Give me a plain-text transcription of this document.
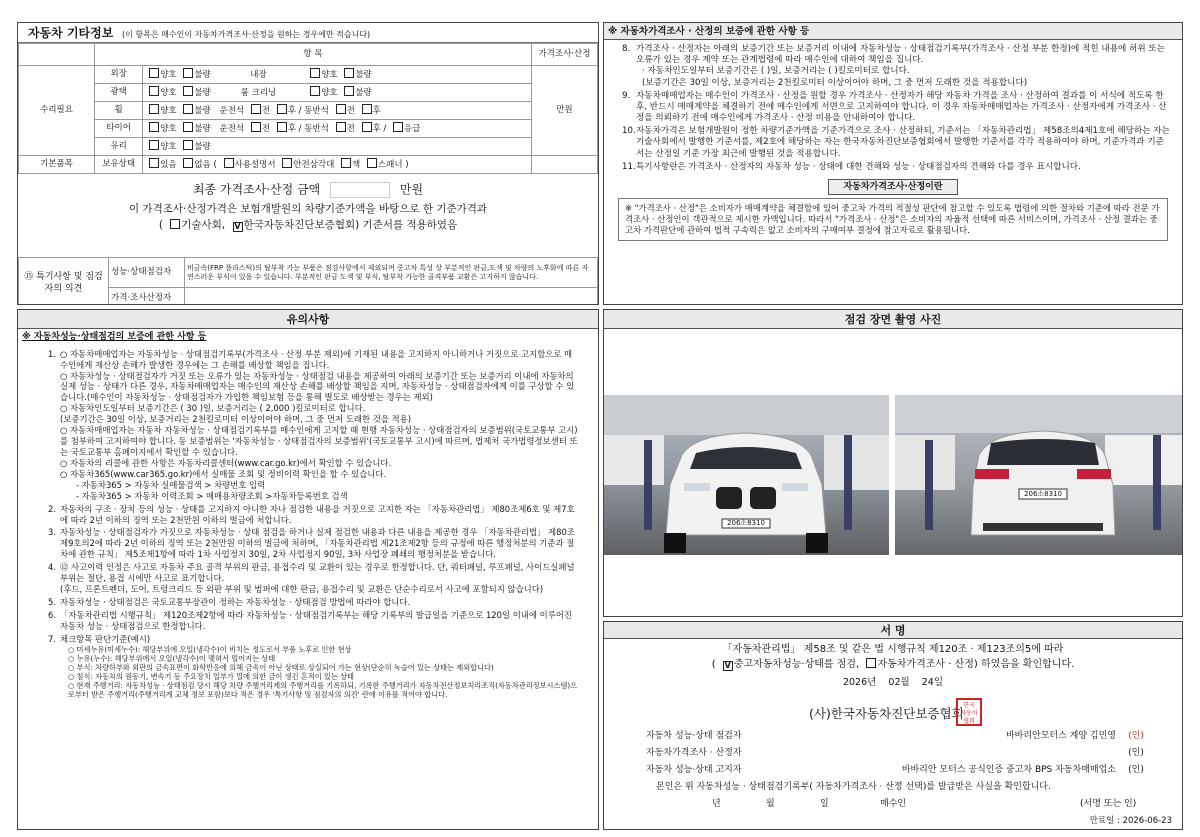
자동차 기타정보 (이 항목은 매수인이 자동차가격조사·산정을 원하는 경우에만 적습니다)
	항 목		가격조사·산정
수리필요	외장	양호 불량 내장 양호 불량	만원
	광택	양호 불량 룸 크리닝 양호 불량	
	휠	양호 불량 운전석 전 후 / 동반석 전 후	
	타이어	양호 불량 운전석 전 후 / 동반석 전 후 / 응급	
	유리	양호 불량	
기본품목	보유상태	있음 없음 ( 사용설명서 안전삼각대 잭 스패너 )	
최종 가격조사·산정 금액	만원
이 가격조사·산정가격은 보험개발원의 차량기준가액을 바탕으로 한 기준가격과
( 기술사회, V 한국자동차진단보증협회) 기준서를 적용하였음
⑮ 특기사항 및 점검자의 의견	성능·상태점검자	비금속(FRP 플라스틱)의 탈부착 가능 부품은 점검사항에서 제외되며 중고차 특성 상 부분적인 판금,도색 및 차량의 노후화에 따른 자연스러운 부식이 있을 수 있습니다. 부분적인 판금 도색 및 부식, 탈부착 가능한 골격부품 교환은 고지하지 않습니다.
	가격·조사산정자	
※ 자동차가격조사 · 산정의 보증에 관한 사항 등
8. 가격조사 · 산정자는 아래의 보증기간 또는 보증거리 이내에 자동차성능 · 상태점검기록부(가격조사 · 산정 부분 한정)에 적힌 내용에 허위 또는 오류가 있는 경우 계약 또는 관계법령에 따라 매수인에 대하여 책임을 집니다.
· 자동차인도일부터 보증기간은 ( )일, 보증거리는 ( )킬로미터로 합니다.
(보증기간은 30일 이상, 보증거리는 2천킬로미터 이상이어야 하며, 그 중 먼저 도래한 것을 적용합니다)
9. 자동차매매업자는 매수인이 가격조사 · 산정을 원할 경우 가격조사 · 산정자가 해당 자동차 가격을 조사 · 산정하여 결과를 이 서식에 적도록 한 후, 반드시 매매계약을 체결하기 전에 매수인에게 서면으로 고지하여야 합니다. 이 경우 자동차매매업자는 가격조사 · 산정자에게 가격조사 · 산정을 의뢰하기 전에 매수인에게 가격조사 · 산정 비용을 안내하여야 합니다.
10. 자동차가격은 보험개발원이 정한 차량기준가액을 기준가격으로 조사 · 산정하되, 기준서는 「자동차관리법」 제58조의4제1호에 해당하는 자는 기술사회에서 발행한 기준서를, 제2호에 해당하는 자는 한국자동차진단보증협회에서 발행한 기준서를 각각 적용하여야 하며, 기준가격과 기준서는 산정일 기준 가장 최근에 발행된 것을 적용합니다.
11. 특기사항란은 가격조사 · 산정자의 자동차 성능 · 상태에 대한 견해와 성능 · 상태점검자의 견해와 다를 경우 표시합니다.
자동차가격조사·산정이란
※ "가격조사 · 산정"은 소비자가 매매계약을 체결함에 있어 중고차 가격의 적절성 판단에 참고할 수 있도록 법령에 의한 절차와 기준에 따라 전문 가격조사 · 산정인이 객관적으로 제시한 가액입니다. 따라서 "가격조사 · 산정"은 소비자의 자율적 선택에 따른 서비스이며, 가격조사 · 산정 결과는 중고차 가격판단에 관하여 법적 구속력은 없고 소비자의 구매여부 결정에 참고자료로 활용됩니다.
유의사항
※ 자동차성능·상태점검의 보증에 관한 사항 등
1. ○ 자동차매매업자는 자동차성능 · 상태점검기록부(가격조사 · 산정 부분 제외)에 기재된 내용을 고지하지 아니하거나 거짓으로 고지함으로 매수인에게 재산상 손해가 발생한 경우에는 그 손해를 배상할 책임을 집니다.
○ 자동차성능 · 상태점검자가 거짓 또는 오류가 있는 자동차성능 · 상태점검 내용을 제공하여 아래의 보증기간 또는 보증거리 이내에 자동차의 실제 성능 · 상태가 다른 경우, 자동차매매업자는 매수인의 재산상 손해를 배상할 책임을 지며, 자동차성능 · 상태점검자에게 이를 구상할 수 있습니다.(매수인이 자동차성능 · 상태점검자가 가입한 책임보험 등을 통해 별도로 배상받는 경우는 제외)
○ 자동차인도일부터 보증기간은 ( 30 )일, 보증거리는 ( 2,000 )킬로미터로 합니다.
(보증기간은 30일 이상, 보증거리는 2천킬로미터 이상이어야 하며, 그 중 먼저 도래한 것을 적용)
○ 자동차매매업자는 자동차 자동차성능 · 상태점검기록부를 매수인에게 고지할 때 현행 자동차성능 · 상태점검자의 보증범위(국토교통부 고시)를 첨부하여 고지하여야 합니다. 동 보증범위는 '자동차성능 · 상태점검자의 보증범위'(국토교통부 고시)에 따르며, 법제처 국가법령정보센터 또는 국토교통부 홈페이지에서 확인할 수 있습니다.
○ 자동차의 리콜에 관한 사항은 자동차리콜센터(www.car.go.kr)에서 확인할 수 있습니다.
○ 자동차365(www.car365.go.kr)에서 실매물 조회 및 정비이력 확인을 할 수 있습니다.
- 자동차365 > 자동차 실매물검색 > 차량번호 입력
- 자동차365 > 자동차 이력조회 > 매매용차량조회 >자동차등록번호 검색
2. 자동차의 구조 · 장치 등의 성능 · 상태를 고지하지 아니한 자나 점검한 내용을 거짓으로 고지한 자는 「자동차관리법」 제80조제6호 및 제7호에 따라 2년 이하의 징역 또는 2천만원 이하의 벌금에 처합니다.
3. 자동차성능 · 상태점검자가 거짓으로 자동차성능 · 상태 점검을 하거나 실제 점검한 내용과 다른 내용을 제공한 경우 「자동차관리법」 제80조제9호의2에 따라 2년 이하의 징역 또는 2천만원 이하의 벌금에 처하며, 「자동차관리법 제21조제2항 등의 규정에 따른 행정처분의 기준과 절차에 관한 규칙」 제5조제1항에 따라 1차 사업정지 30일, 2차 사업정지 90일, 3차 사업장 폐쇄의 행정처분을 받습니다.
4. ⑫ 사고이력 인정은 사고로 자동차 주요 골격 부위의 판금, 용접수리 및 교환이 있는 경우로 한정합니다. 단, 쿼터패널, 루프패널, 사이드실패널 부위는 절단, 용접 시에만 사고로 표기합니다.
(후드, 프론트펜더, 도어, 트렁크리드 등 외판 부위 및 범퍼에 대한 판금, 용접수리 및 교환은 단순수리로서 사고에 포함되지 않습니다)
5. 자동차성능 · 상태점검은 국토교통부장관이 정하는 자동차성능 · 상태점검 방법에 따라야 합니다.
6. 「자동차관리법 시행규칙」 제120조제2항에 따라 자동차성능 · 상태점검기록부는 해당 기록부의 발급일을 기준으로 120일 이내에 이루어진 자동차 성능 · 상태점검으로 한정합니다.
7. 체크항목 판단기준(예시)
○ 미세누유(미세누수): 해당부위에 오일(냉각수)이 비치는 정도로서 부품 노후로 인한 현상
○ 누유(누수): 해당부위에서 오일(냉각수)이 맺혀서 떨어지는 상태
○ 부식: 차량하부와 외판의 금속표면이 화학반응에 의해 금속이 아닌 상태로 상실되어 가는 현상(단순히 녹슬어 있는 상태는 제외합니다)
○ 침식: 자동차의 원동기, 변속기 등 주요장치 일부가 열에 의한 금이 생긴 흔적이 있는 상태
○ 현재 주행거리: 자동차성능 · 상태점검 당시 해당 차량 주행거리계의 주행거리를 기록하되, 기록한 주행거리가 자동차전산정보처리조직(자동차관리정보시스템)으로부터 받은 주행거리(주행거리계 교체 정보 포함)보다 적은 경우 '특기사항 및 점검자의 의견' 란에 이유를 적어야 합니다.
점검 장면 촬영 사진
206소8310
206소8310
서 명
「자동차관리법」 제58조 및 같은 법 시행규칙 제120조 · 제123조의5에 따라
( V 중고자동차성능·상태를 점검, 자동차가격조사 · 산정) 하였음을 확인합니다.
2026년 02월 24일
(사)한국자동차진단보증협회
한국
자동차
협회
자동차 성능·상태 점검자	바바리안모터스 계양 김민영	(인)
자동차가격조사 · 산정자	(인)
자동차 성능·상태 고지자	바바리안 모터스 공식인증 중고차 BPS 자동차매매업소	(인)
본인은 위 자동차성능 · 상태점검기록부( 자동차가격조사 · 산정 선택)를 발급받은 사실을 확인합니다.
년	월	일	매수인	(서명 또는 인)
만료일 : 2026-06-23
